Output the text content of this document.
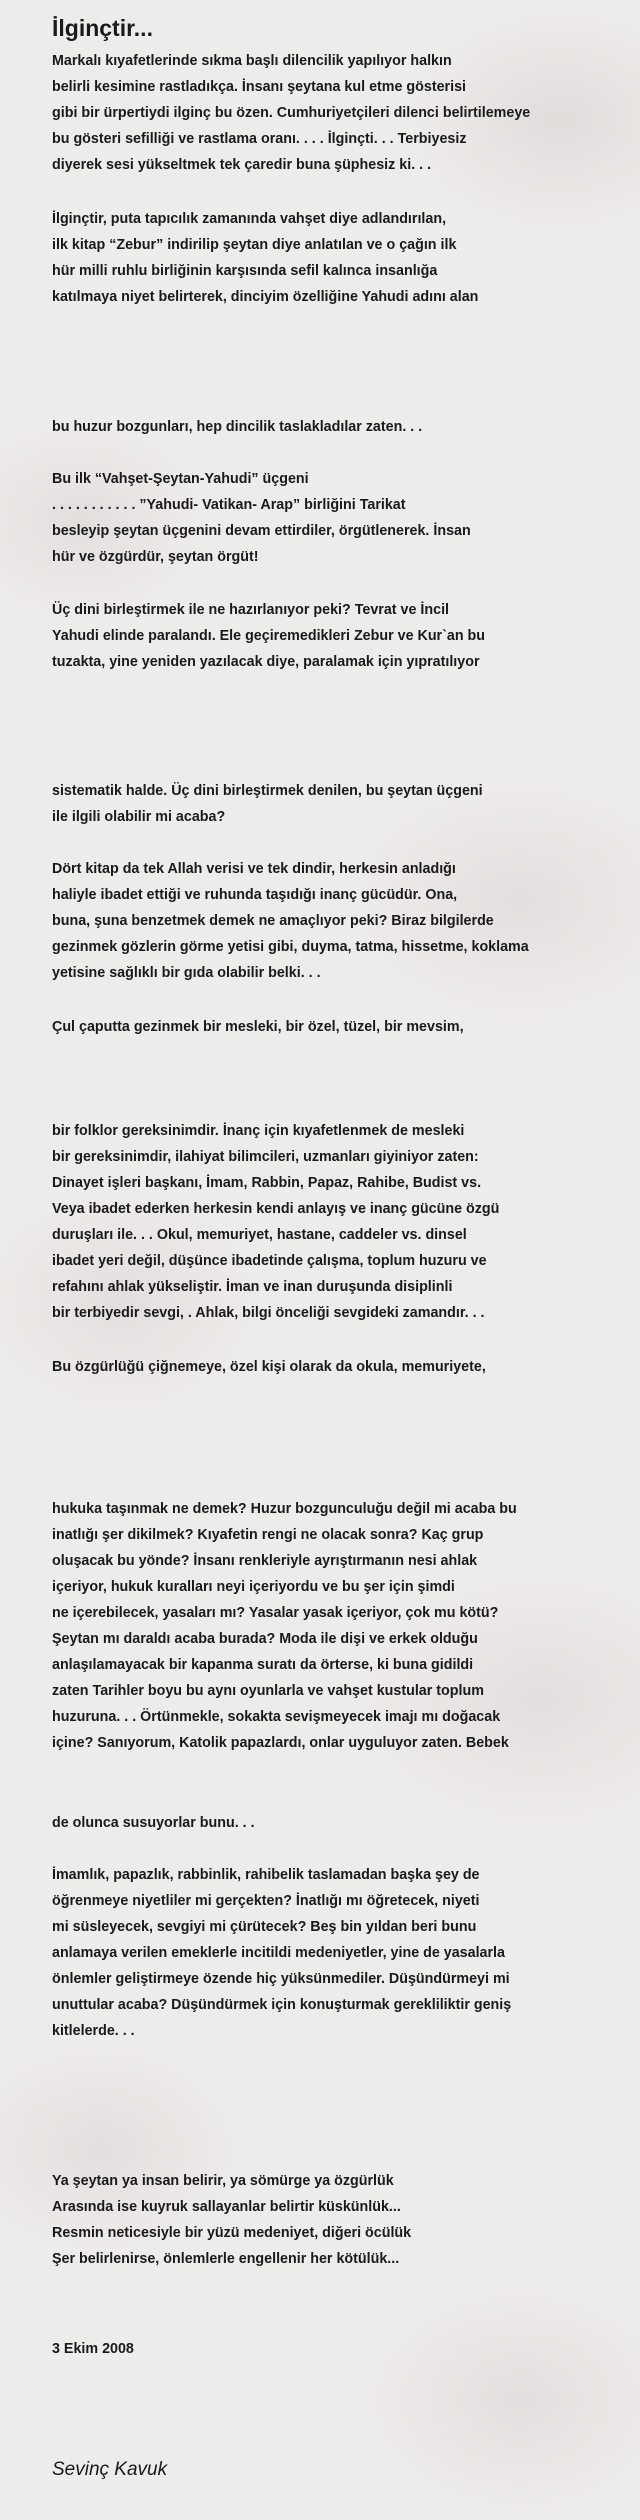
İlginçtir...
Markalı kıyafetlerinde sıkma başlı dilencilik yapılıyor halkın
belirli kesimine rastladıkça. İnsanı şeytana kul etme gösterisi
gibi bir ürpertiydi ilginç bu özen. Cumhuriyetçileri dilenci belirtilemeye
bu gösteri sefilliği ve rastlama oranı. . . . İlginçti. . . Terbiyesiz
diyerek sesi yükseltmek tek çaredir buna şüphesiz ki. . .
İlginçtir, puta tapıcılık zamanında vahşet diye adlandırılan,
ilk kitap “Zebur” indirilip şeytan diye anlatılan ve o çağın ilk
hür milli ruhlu birliğinin karşısında sefil kalınca insanlığa
katılmaya niyet belirterek, dinciyim özelliğine Yahudi adını alan
bu huzur bozgunları, hep dincilik taslakladılar zaten. . .
Bu ilk “Vahşet-Şeytan-Yahudi” üçgeni
. . . . . . . . . . . ”Yahudi- Vatikan- Arap” birliğini Tarikat
besleyip şeytan üçgenini devam ettirdiler, örgütlenerek. İnsan
hür ve özgürdür, şeytan örgüt!
Üç dini birleştirmek ile ne hazırlanıyor peki? Tevrat ve İncil
Yahudi elinde paralandı. Ele geçiremedikleri Zebur ve Kur`an bu
tuzakta, yine yeniden yazılacak diye, paralamak için yıpratılıyor
sistematik halde. Üç dini birleştirmek denilen, bu şeytan üçgeni
ile ilgili olabilir mi acaba?
Dört kitap da tek Allah verisi ve tek dindir, herkesin anladığı
haliyle ibadet ettiği ve ruhunda taşıdığı inanç gücüdür. Ona,
buna, şuna benzetmek demek ne amaçlıyor peki? Biraz bilgilerde
gezinmek gözlerin görme yetisi gibi, duyma, tatma, hissetme, koklama
yetisine sağlıklı bir gıda olabilir belki. . .
Çul çaputta gezinmek bir mesleki, bir özel, tüzel, bir mevsim,
bir folklor gereksinimdir. İnanç için kıyafetlenmek de mesleki
bir gereksinimdir, ilahiyat bilimcileri, uzmanları giyiniyor zaten:
Dinayet işleri başkanı, İmam, Rabbin, Papaz, Rahibe, Budist vs.
Veya ibadet ederken herkesin kendi anlayış ve inanç gücüne özgü
duruşları ile. . . Okul, memuriyet, hastane, caddeler vs. dinsel
ibadet yeri değil, düşünce ibadetinde çalışma, toplum huzuru ve
refahını ahlak yükseliştir. İman ve inan duruşunda disiplinli
bir terbiyedir sevgi, . Ahlak, bilgi önceliği sevgideki zamandır. . .
Bu özgürlüğü çiğnemeye, özel kişi olarak da okula, memuriyete,
hukuka taşınmak ne demek? Huzur bozgunculuğu değil mi acaba bu
inatlığı şer dikilmek? Kıyafetin rengi ne olacak sonra? Kaç grup
oluşacak bu yönde? İnsanı renkleriyle ayrıştırmanın nesi ahlak
içeriyor, hukuk kuralları neyi içeriyordu ve bu şer için şimdi
ne içerebilecek, yasaları mı? Yasalar yasak içeriyor, çok mu kötü?
Şeytan mı daraldı acaba burada? Moda ile dişi ve erkek olduğu
anlaşılamayacak bir kapanma suratı da örterse, ki buna gidildi
zaten Tarihler boyu bu aynı oyunlarla ve vahşet kustular toplum
huzuruna. . . Örtünmekle, sokakta sevişmeyecek imajı mı doğacak
içine? Sanıyorum, Katolik papazlardı, onlar uyguluyor zaten. Bebek
de olunca susuyorlar bunu. . .
İmamlık, papazlık, rabbinlik, rahibelik taslamadan başka şey de
öğrenmeye niyetliler mi gerçekten? İnatlığı mı öğretecek, niyeti
mi süsleyecek, sevgiyi mi çürütecek? Beş bin yıldan beri bunu
anlamaya verilen emeklerle incitildi medeniyetler, yine de yasalarla
önlemler geliştirmeye özende hiç yüksünmediler. Düşündürmeyi mi
unuttular acaba? Düşündürmek için konuşturmak gerekliliktir geniş
kitlelerde. . .
Ya şeytan ya insan belirir, ya sömürge ya özgürlük
Arasında ise kuyruk sallayanlar belirtir küskünlük...
Resmin neticesiyle bir yüzü medeniyet, diğeri öcülük
Şer belirlenirse, önlemlerle engellenir her kötülük...
3 Ekim 2008
Sevinç Kavuk
